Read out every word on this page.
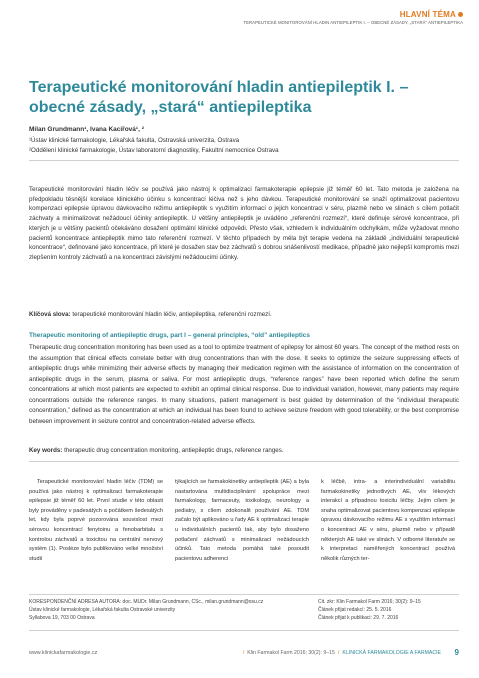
HLAVNÍ TÉMA
TERAPEUTICKÉ MONITOROVÁNÍ HLADIN ANTIEPILEPTIK I. – OBECNÉ ZÁSADY, „STARÁ“ ANTIEPILEPTIKA
Terapeutické monitorování hladin antiepileptik I. – obecné zásady, „stará“ antiepileptika
Milan Grundmann¹, Ivana Kacířová¹, ²
¹Ústav klinické farmakologie, Lékařská fakulta, Ostravská univerzita, Ostrava
²Oddělení klinické farmakologie, Ústav laboratorní diagnostiky, Fakultní nemocnice Ostrava

Terapeutické monitorování hladin léčiv se používá jako nástroj k optimalizaci farmakoterapie epilepsie již téměř 60 let. Tato metoda je založena na předpokladu těsnější korelace klinického účinku s koncentrací léčiva než s jeho dávkou. Terapeutické monitorování se snaží optimalizovat pacientovu kompenzaci epilepsie úpravou dávkovacího režimu antiepileptik s využitím informací o jejich koncentraci v séru, plazmě nebo ve slinách s cílem potlačit záchvaty a minimalizovat nežádoucí účinky antiepileptik. U většiny antiepileptik je uváděno „referenční rozmezí“, které definuje sérové koncentrace, při kterých je u většiny pacientů očekáváno dosažení optimální klinické odpovědi. Přesto však, vzhledem k individuálním odchylkám, může vyžadovat mnoho pacientů koncentrace antiepileptik mimo tato referenční rozmezí. V těchto případech by měla být terapie vedena na základě „individuální terapeutické koncentrace“, definované jako koncentrace, při které je dosažen stav bez záchvatů s dobrou snášenlivostí medikace, případně jako nejlepší kompromis mezi zlepšením kontroly záchvatů a na koncentraci závislými nežádoucími účinky.

Klíčová slova: terapeutické monitorování hladin léčiv, antiepileptika, referenční rozmezí.

Therapeutic monitoring of antiepileptic drugs, part I – general principles, “old” antiepileptics

Therapeutic drug concentration monitoring has been used as a tool to optimize treatment of epilepsy for almost 60 years. The concept of the method rests on the assumption that clinical effects correlate better with drug concentrations than with the dose. It seeks to optimize the seizure suppressing effects of antiepileptic drugs while minimizing their adverse effects by managing their medication regimen with the assistance of information on the concentration of antiepileptic drugs in the serum, plasma or saliva. For most antiepileptic drugs, “reference ranges” have been reported which define the serum concentrations at which most patients are expected to exhibit an optimal clinical response. Due to individual variation, however, many patients may require concentrations outside the reference ranges. In many situations, patient management is best guided by determination of the “individual therapeutic concentration,” defined as the concentration at which an individual has been found to achieve seizure freedom with good tolerability, or the best compromise between improvement in seizure control and concentration-related adverse effects.

Key words: therapeutic drug concentration monitoring, antiepileptic drugs, reference ranges.

Terapeutické monitorování hladin léčiv (TDM) se používá jako nástroj k optimalizaci farmakoterapie epilepsie již téměř 60 let. První studie v této oblasti byly prováděny v padesátých a počátkem šedesátých let, kdy byla poprvé pozorována souvislost mezi sérovou koncentrací fenytoinu a fenobarbitalu s kontrolou záchvatů a toxicitou na centrální nervový systém (1). Posléze bylo publikováno velké množství studií

týkajících se farmakokinetiky antiepileptik (AE) a byla nastartována multidisciplinární spolupráce mezi farmakology, farmaceuty, toxikology, neurology a pediatry, s cílem zdokonalit používání AE. TDM začalo být aplikováno u řady AE k optimalizaci terapie u individuálních pacientů tak, aby bylo dosaženo potlačení záchvatů s minimalizací nežádoucích účinků. Tato metoda pomáhá také posoudit pacientovu adherenci

k léčbě, intra- a interindividuální variabilitu farmakokinetiky jednotlivých AE, vliv lékových interakcí a případnou toxicitu léčby. Jejím cílem je snaha optimalizovat pacientovu kompenzaci epilepsie úpravou dávkovacího režimu AE s využitím informací o koncentraci AE v séru, plazmě nebo v případě některých AE také ve slinách. V odborné literatuře se k interpretaci naměřených koncentrací používá několik různých ter-

KORESPONDENČNÍ ADRESA AUTORA: doc. MUDr. Milan Grundmann, CSc., milan.grundmann@osu.cz
Ústav klinické farmakologie, Lékařská fakulta Ostravské univerzity
Syllabova 19, 703 00 Ostrava
Cit. zkr: Klin Farmakol Farm 2016; 30(2): 9–15
Článek přijat redakcí: 25. 5. 2016
Článek přijat k publikaci: 29. 7. 2016
www.klinickafarmakologie.cz	/ Klin Farmakol Farm 2016; 30(2): 9–15 / KLINICKÁ FARMAKOLOGIE A FARMACIE 9
